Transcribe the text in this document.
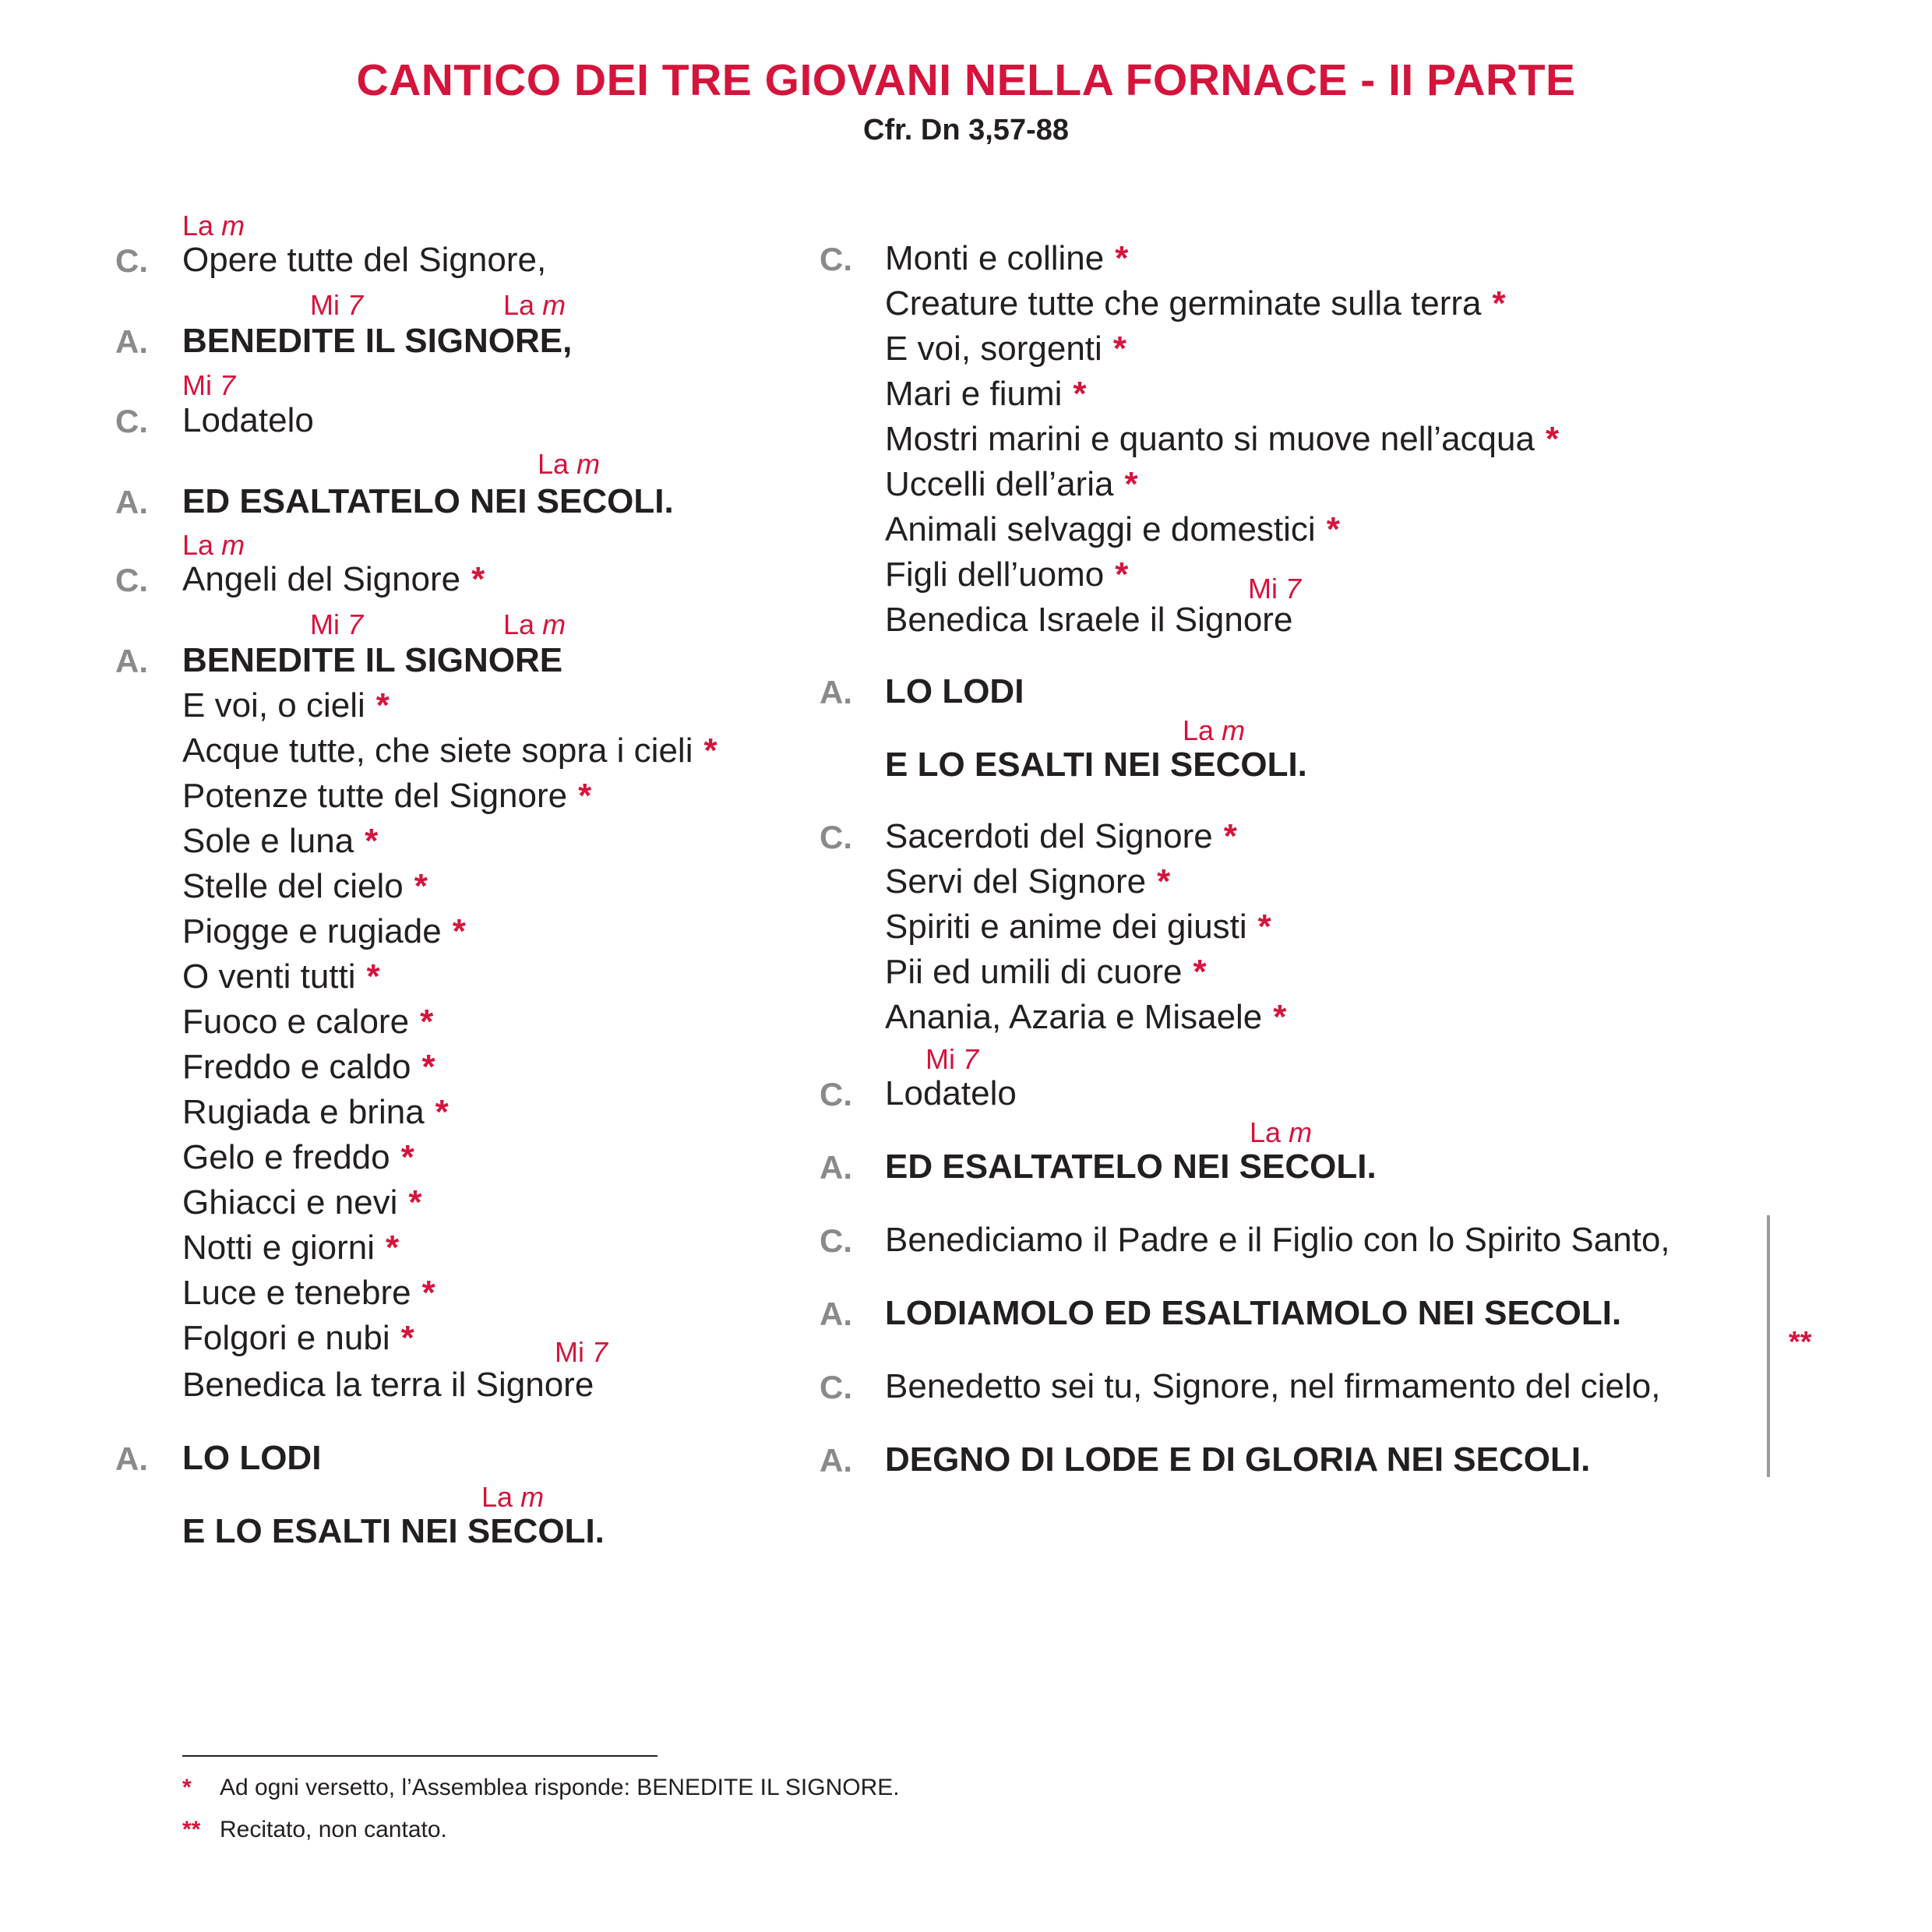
CANTICO DEI TRE GIOVANI NELLA FORNACE - II PARTE
Cfr. Dn 3,57-88
La m
C. Opere tutte del Signore,
Mi 7	La m
A. BENEDITE IL SIGNORE,
Mi 7
C. Lodatelo
La m
A. ED ESALTATELO NEI SECOLI.
La m
C. Angeli del Signore *
Mi 7	La m
A. BENEDITE IL SIGNORE
E voi, o cieli *
Acque tutte, che siete sopra i cieli *
Potenze tutte del Signore *
Sole e luna *
Stelle del cielo *
Piogge e rugiade *
O venti tutti *
Fuoco e calore *
Freddo e caldo *
Rugiada e brina *
Gelo e freddo *
Ghiacci e nevi *
Notti e giorni *
Luce e tenebre *
Folgori e nubi *	Mi 7
Benedica la terra il Signore
A. LO LODI
La m
E LO ESALTI NEI SECOLI.
C. Monti e colline *
Creature tutte che germinate sulla terra *
E voi, sorgenti *
Mari e fiumi *
Mostri marini e quanto si muove nell’acqua *
Uccelli dell’aria *
Animali selvaggi e domestici *
Figli dell’uomo *	Mi 7
Benedica Israele il Signore
A. LO LODI
La m
E LO ESALTI NEI SECOLI.
C. Sacerdoti del Signore *
Servi del Signore *
Spiriti e anime dei giusti *
Pii ed umili di cuore *
Anania, Azaria e Misaele *
Mi 7
C. Lodatelo
La m
A. ED ESALTATELO NEI SECOLI.
C. Benediciamo il Padre e il Figlio con lo Spirito Santo,
A. LODIAMOLO ED ESALTIAMOLO NEI SECOLI.
C. Benedetto sei tu, Signore, nel firmamento del cielo,
A. DEGNO DI LODE E DI GLORIA NEI SECOLI.
**
* Ad ogni versetto, l’Assemblea risponde: BENEDITE IL SIGNORE.
** Recitato, non cantato.
